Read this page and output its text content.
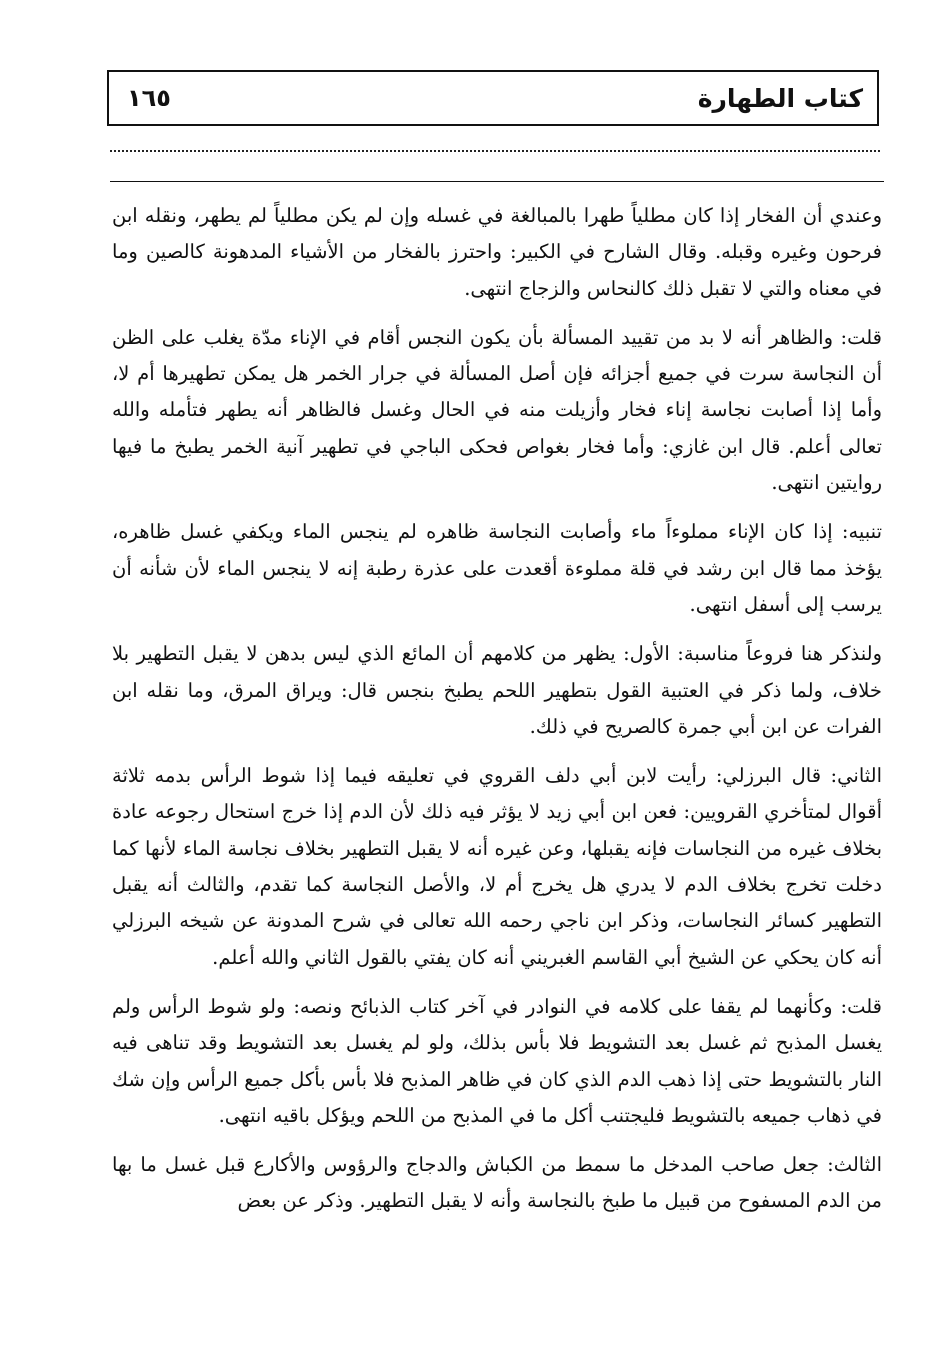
كتاب الطهارة
١٦٥

وعندي أن الفخار إذا كان مطلياً طهرا بالمبالغة في غسله وإن لم يكن مطلياً لم يطهر، ونقله ابن فرحون وغيره وقبله. وقال الشارح في الكبير: واحترز بالفخار من الأشياء المدهونة كالصين وما في معناه والتي لا تقبل ذلك كالنحاس والزجاج انتهى.

قلت: والظاهر أنه لا بد من تقييد المسألة بأن يكون النجس أقام في الإناء مدّة يغلب على الظن أن النجاسة سرت في جميع أجزائه فإن أصل المسألة في جرار الخمر هل يمكن تطهيرها أم لا، وأما إذا أصابت نجاسة إناء فخار وأزيلت منه في الحال وغسل فالظاهر أنه يطهر فتأمله والله تعالى أعلم. قال ابن غازي: وأما فخار بغواص فحكى الباجي في تطهير آنية الخمر يطبخ ما فيها روايتين انتهى.

تنبيه: إذا كان الإناء مملوءاً ماء وأصابت النجاسة ظاهره لم ينجس الماء ويكفي غسل ظاهره، يؤخذ مما قال ابن رشد في قلة مملوءة أقعدت على عذرة رطبة إنه لا ينجس الماء لأن شأنه أن يرسب إلى أسفل انتهى.

ولنذكر هنا فروعاً مناسبة: الأول: يظهر من كلامهم أن المائع الذي ليس بدهن لا يقبل التطهير بلا خلاف، ولما ذكر في العتبية القول بتطهير اللحم يطبخ بنجس قال: ويراق المرق، وما نقله ابن الفرات عن ابن أبي جمرة كالصريح في ذلك.

الثاني: قال البرزلي: رأيت لابن أبي دلف القروي في تعليقه فيما إذا شوط الرأس بدمه ثلاثة أقوال لمتأخري القرويين: فعن ابن أبي زيد لا يؤثر فيه ذلك لأن الدم إذا خرج استحال رجوعه عادة بخلاف غيره من النجاسات فإنه يقبلها، وعن غيره أنه لا يقبل التطهير بخلاف نجاسة الماء لأنها كما دخلت تخرج بخلاف الدم لا يدري هل يخرج أم لا، والأصل النجاسة كما تقدم، والثالث أنه يقبل التطهير كسائر النجاسات، وذكر ابن ناجي رحمه الله تعالى في شرح المدونة عن شيخه البرزلي أنه كان يحكي عن الشيخ أبي القاسم الغبريني أنه كان يفتي بالقول الثاني والله أعلم.

قلت: وكأنهما لم يقفا على كلامه في النوادر في آخر كتاب الذبائح ونصه: ولو شوط الرأس ولم يغسل المذبح ثم غسل بعد التشويط فلا بأس بذلك، ولو لم يغسل بعد التشويط وقد تناهى فيه النار بالتشويط حتى إذا ذهب الدم الذي كان في ظاهر المذبح فلا بأس بأكل جميع الرأس وإن شك في ذهاب جميعه بالتشويط فليجتنب أكل ما في المذبح من اللحم ويؤكل باقيه انتهى.

الثالث: جعل صاحب المدخل ما سمط من الكباش والدجاج والرؤوس والأكارع قبل غسل ما بها من الدم المسفوح من قبيل ما طبخ بالنجاسة وأنه لا يقبل التطهير. وذكر عن بعض
